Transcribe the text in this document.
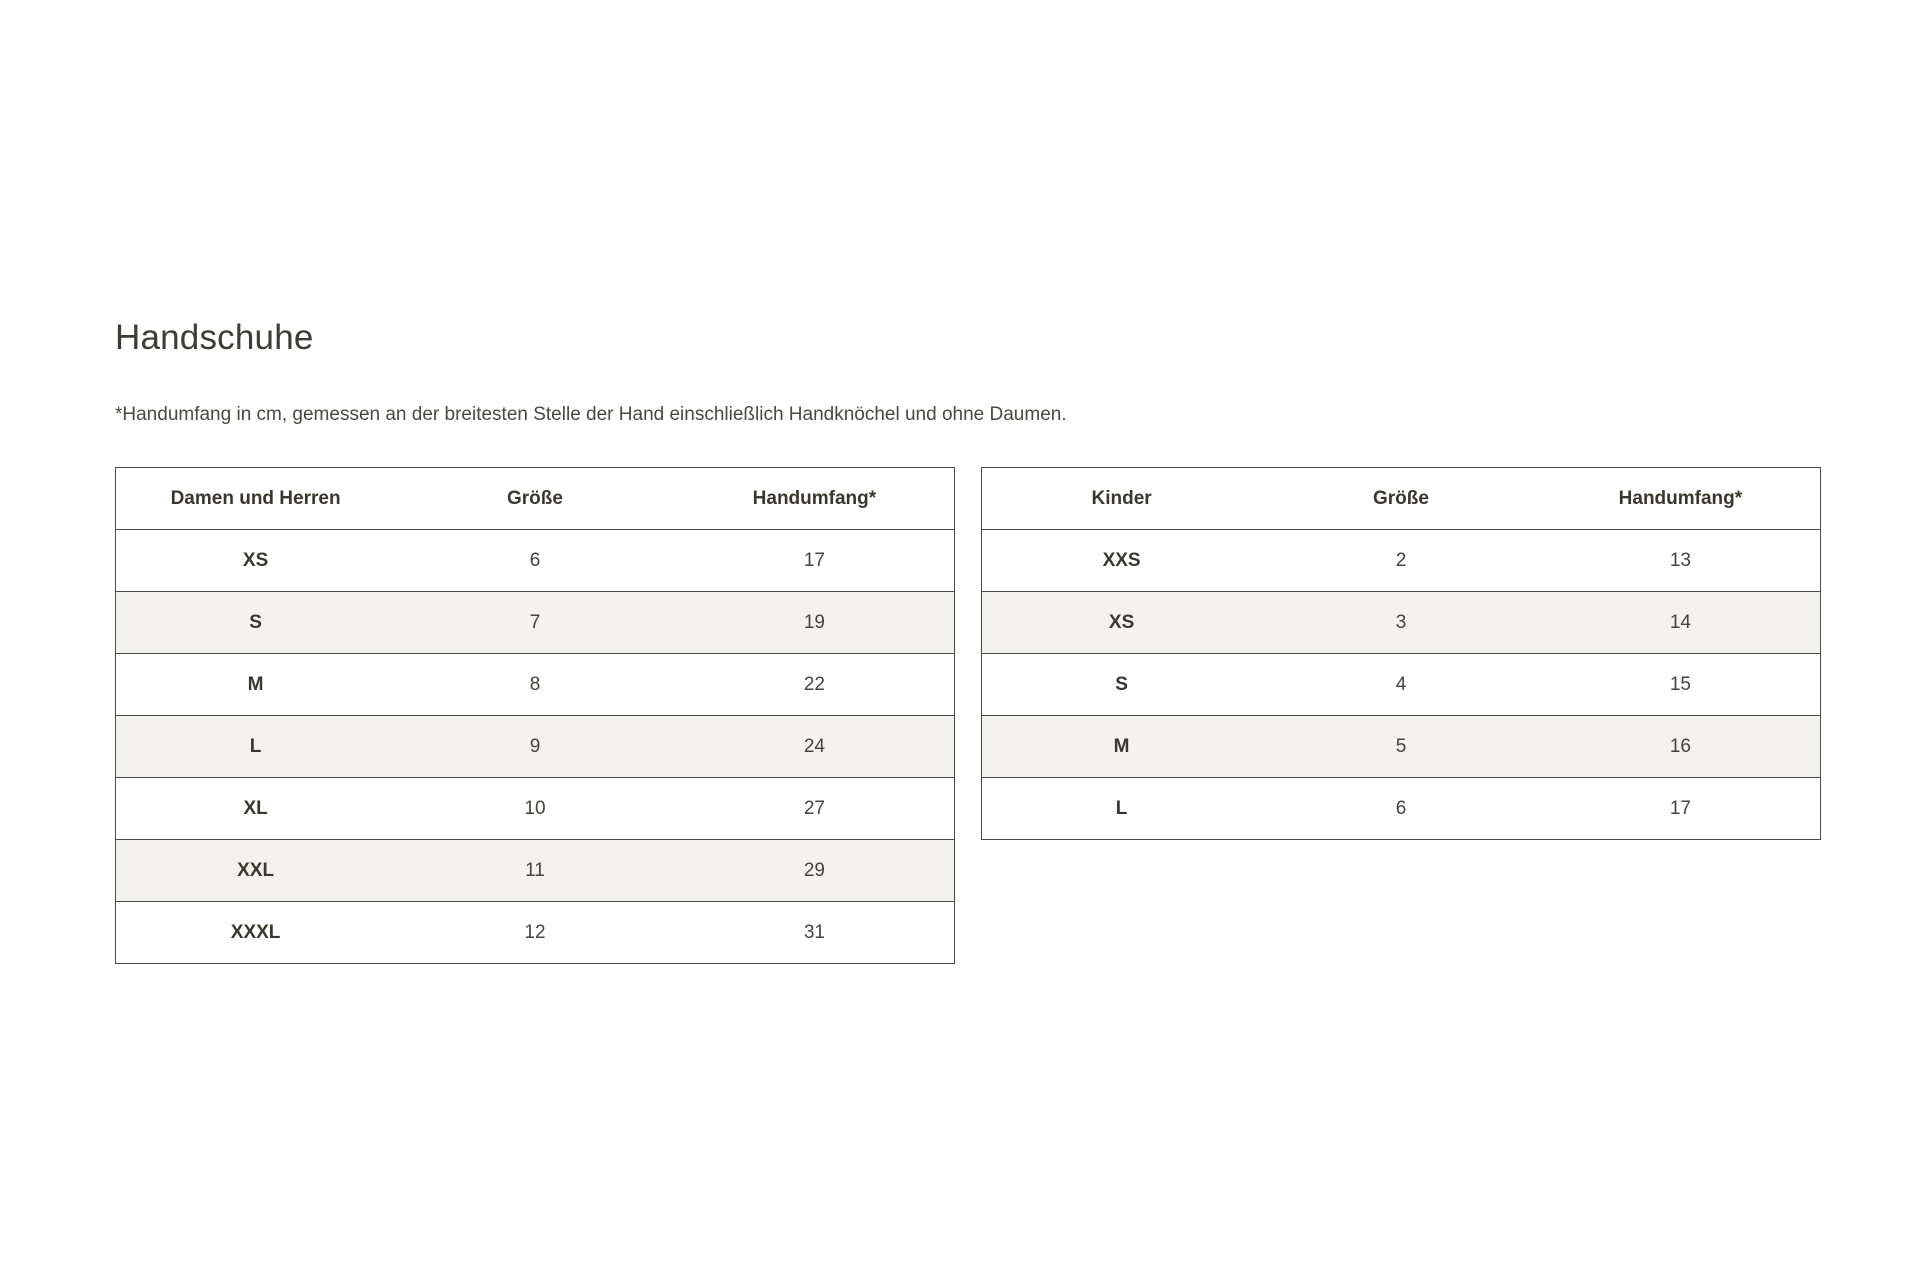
Handschuhe

*Handumfang in cm, gemessen an der breitesten Stelle der Hand einschließlich Handknöchel und ohne Daumen.

Damen und Herren	Größe	Handumfang*
XS	6	17
S	7	19
M	8	22
L	9	24
XL	10	27
XXL	11	29
XXXL	12	31
Kinder	Größe	Handumfang*
XXS	2	13
XS	3	14
S	4	15
M	5	16
L	6	17
